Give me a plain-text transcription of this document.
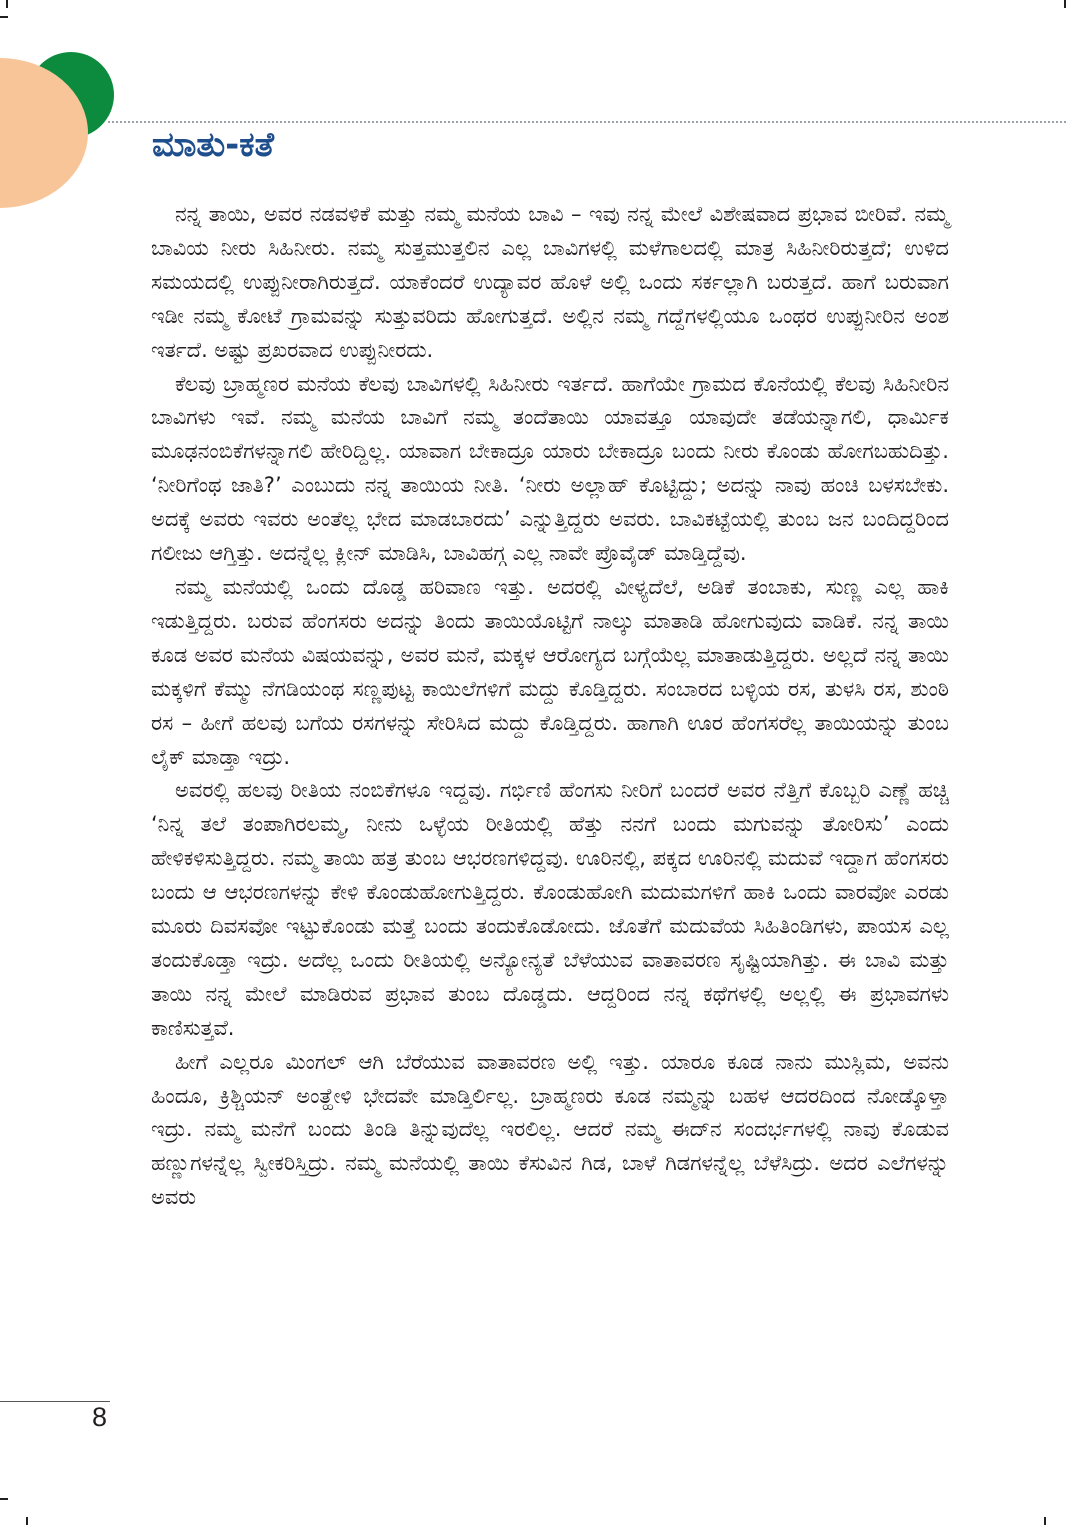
ಮಾತು-ಕತೆ

ನನ್ನ ತಾಯಿ, ಅವರ ನಡವಳಿಕೆ ಮತ್ತು ನಮ್ಮ ಮನೆಯ ಬಾವಿ – ಇವು ನನ್ನ ಮೇಲೆ ವಿಶೇಷವಾದ ಪ್ರಭಾವ ಬೀರಿವೆ. ನಮ್ಮ ಬಾವಿಯ ನೀರು ಸಿಹಿನೀರು. ನಮ್ಮ ಸುತ್ತಮುತ್ತಲಿನ ಎಲ್ಲ ಬಾವಿಗಳಲ್ಲಿ ಮಳೆಗಾಲದಲ್ಲಿ ಮಾತ್ರ ಸಿಹಿನೀರಿರುತ್ತದೆ; ಉಳಿದ ಸಮಯದಲ್ಲಿ ಉಪ್ಪುನೀರಾಗಿರುತ್ತದೆ. ಯಾಕೆಂದರೆ ಉದ್ಯಾವರ ಹೊಳೆ ಅಲ್ಲಿ ಒಂದು ಸರ್ಕಲ್ಲಾಗಿ ಬರುತ್ತದೆ. ಹಾಗೆ ಬರುವಾಗ ಇಡೀ ನಮ್ಮ ಕೋಟೆ ಗ್ರಾಮವನ್ನು ಸುತ್ತುವರಿದು ಹೋಗುತ್ತದೆ. ಅಲ್ಲಿನ ನಮ್ಮ ಗದ್ದೆಗಳಲ್ಲಿಯೂ ಒಂಥರ ಉಪ್ಪುನೀರಿನ ಅಂಶ ಇರ್ತದೆ. ಅಷ್ಟು ಪ್ರಖರವಾದ ಉಪ್ಪುನೀರದು.

ಕೆಲವು ಬ್ರಾಹ್ಮಣರ ಮನೆಯ ಕೆಲವು ಬಾವಿಗಳಲ್ಲಿ ಸಿಹಿನೀರು ಇರ್ತದೆ. ಹಾಗೆಯೇ ಗ್ರಾಮದ ಕೊನೆಯಲ್ಲಿ ಕೆಲವು ಸಿಹಿನೀರಿನ ಬಾವಿಗಳು ಇವೆ. ನಮ್ಮ ಮನೆಯ ಬಾವಿಗೆ ನಮ್ಮ ತಂದೆತಾಯಿ ಯಾವತ್ತೂ ಯಾವುದೇ ತಡೆಯನ್ನಾಗಲಿ, ಧಾರ್ಮಿಕ ಮೂಢನಂಬಿಕೆಗಳನ್ನಾಗಲಿ ಹೇರಿದ್ದಿಲ್ಲ. ಯಾವಾಗ ಬೇಕಾದ್ರೂ ಯಾರು ಬೇಕಾದ್ರೂ ಬಂದು ನೀರು ಕೊಂಡು ಹೋಗಬಹುದಿತ್ತು. ‘ನೀರಿಗೆಂಥ ಜಾತಿ?’ ಎಂಬುದು ನನ್ನ ತಾಯಿಯ ನೀತಿ. ‘ನೀರು ಅಲ್ಲಾಹ್ ಕೊಟ್ಟಿದ್ದು; ಅದನ್ನು ನಾವು ಹಂಚಿ ಬಳಸಬೇಕು. ಅದಕ್ಕೆ ಅವರು ಇವರು ಅಂತೆಲ್ಲ ಭೇದ ಮಾಡಬಾರದು’ ಎನ್ನುತ್ತಿದ್ದರು ಅವರು. ಬಾವಿಕಟ್ಟೆಯಲ್ಲಿ ತುಂಬ ಜನ ಬಂದಿದ್ದರಿಂದ ಗಲೀಜು ಆಗ್ತಿತ್ತು. ಅದನ್ನೆಲ್ಲ ಕ್ಲೀನ್ ಮಾಡಿಸಿ, ಬಾವಿಹಗ್ಗ ಎಲ್ಲ ನಾವೇ ಪ್ರೊವೈಡ್ ಮಾಡ್ತಿದ್ದೆವು.

ನಮ್ಮ ಮನೆಯಲ್ಲಿ ಒಂದು ದೊಡ್ಡ ಹರಿವಾಣ ಇತ್ತು. ಅದರಲ್ಲಿ ವೀಳ್ಯದೆಲೆ, ಅಡಿಕೆ ತಂಬಾಕು, ಸುಣ್ಣ ಎಲ್ಲ ಹಾಕಿ ಇಡುತ್ತಿದ್ದರು. ಬರುವ ಹೆಂಗಸರು ಅದನ್ನು ತಿಂದು ತಾಯಿಯೊಟ್ಟಿಗೆ ನಾಲ್ಕು ಮಾತಾಡಿ ಹೋಗುವುದು ವಾಡಿಕೆ. ನನ್ನ ತಾಯಿ ಕೂಡ ಅವರ ಮನೆಯ ವಿಷಯವನ್ನು, ಅವರ ಮನೆ, ಮಕ್ಕಳ ಆರೋಗ್ಯದ ಬಗ್ಗೆಯೆಲ್ಲ ಮಾತಾಡುತ್ತಿದ್ದರು. ಅಲ್ಲದೆ ನನ್ನ ತಾಯಿ ಮಕ್ಕಳಿಗೆ ಕೆಮ್ಮು ನೆಗಡಿಯಂಥ ಸಣ್ಣಪುಟ್ಟ ಕಾಯಿಲೆಗಳಿಗೆ ಮದ್ದು ಕೊಡ್ತಿದ್ದರು. ಸಂಬಾರದ ಬಳ್ಳಿಯ ರಸ, ತುಳಸಿ ರಸ, ಶುಂಠಿ ರಸ – ಹೀಗೆ ಹಲವು ಬಗೆಯ ರಸಗಳನ್ನು ಸೇರಿಸಿದ ಮದ್ದು ಕೊಡ್ತಿದ್ದರು. ಹಾಗಾಗಿ ಊರ ಹೆಂಗಸರೆಲ್ಲ ತಾಯಿಯನ್ನು ತುಂಬ ಲೈಕ್ ಮಾಡ್ತಾ ಇದ್ರು.

ಅವರಲ್ಲಿ ಹಲವು ರೀತಿಯ ನಂಬಿಕೆಗಳೂ ಇದ್ದವು. ಗರ್ಭಿಣಿ ಹೆಂಗಸು ನೀರಿಗೆ ಬಂದರೆ ಅವರ ನೆತ್ತಿಗೆ ಕೊಬ್ಬರಿ ಎಣ್ಣೆ ಹಚ್ಚಿ ‘ನಿನ್ನ ತಲೆ ತಂಪಾಗಿರಲಮ್ಮ, ನೀನು ಒಳ್ಳೆಯ ರೀತಿಯಲ್ಲಿ ಹೆತ್ತು ನನಗೆ ಬಂದು ಮಗುವನ್ನು ತೋರಿಸು’ ಎಂದು ಹೇಳಿಕಳಿಸುತ್ತಿದ್ದರು. ನಮ್ಮ ತಾಯಿ ಹತ್ರ ತುಂಬ ಆಭರಣಗಳಿದ್ದವು. ಊರಿನಲ್ಲಿ, ಪಕ್ಕದ ಊರಿನಲ್ಲಿ ಮದುವೆ ಇದ್ದಾಗ ಹೆಂಗಸರು ಬಂದು ಆ ಆಭರಣಗಳನ್ನು ಕೇಳಿ ಕೊಂಡುಹೋಗುತ್ತಿದ್ದರು. ಕೊಂಡುಹೋಗಿ ಮದುಮಗಳಿಗೆ ಹಾಕಿ ಒಂದು ವಾರವೋ ಎರಡು ಮೂರು ದಿವಸವೋ ಇಟ್ಟುಕೊಂಡು ಮತ್ತೆ ಬಂದು ತಂದುಕೊಡೋದು. ಜೊತೆಗೆ ಮದುವೆಯ ಸಿಹಿತಿಂಡಿಗಳು, ಪಾಯಸ ಎಲ್ಲ ತಂದುಕೊಡ್ತಾ ಇದ್ರು. ಅದೆಲ್ಲ ಒಂದು ರೀತಿಯಲ್ಲಿ ಅನ್ಯೋನ್ಯತೆ ಬೆಳೆಯುವ ವಾತಾವರಣ ಸೃಷ್ಟಿಯಾಗಿತ್ತು. ಈ ಬಾವಿ ಮತ್ತು ತಾಯಿ ನನ್ನ ಮೇಲೆ ಮಾಡಿರುವ ಪ್ರಭಾವ ತುಂಬ ದೊಡ್ಡದು. ಆದ್ದರಿಂದ ನನ್ನ ಕಥೆಗಳಲ್ಲಿ ಅಲ್ಲಲ್ಲಿ ಈ ಪ್ರಭಾವಗಳು ಕಾಣಿಸುತ್ತವೆ.

ಹೀಗೆ ಎಲ್ಲರೂ ಮಿಂಗಲ್ ಆಗಿ ಬೆರೆಯುವ ವಾತಾವರಣ ಅಲ್ಲಿ ಇತ್ತು. ಯಾರೂ ಕೂಡ ನಾನು ಮುಸ್ಲಿಮ, ಅವನು ಹಿಂದೂ, ಕ್ರಿಶ್ಚಿಯನ್ ಅಂತ್ಹೇಳಿ ಭೇದವೇ ಮಾಡ್ತಿರ್ಲಿಲ್ಲ. ಬ್ರಾಹ್ಮಣರು ಕೂಡ ನಮ್ಮನ್ನು ಬಹಳ ಆದರದಿಂದ ನೋಡ್ಕೊಳ್ತಾ ಇದ್ರು. ನಮ್ಮ ಮನೆಗೆ ಬಂದು ತಿಂಡಿ ತಿನ್ನುವುದೆಲ್ಲ ಇರಲಿಲ್ಲ. ಆದರೆ ನಮ್ಮ ಈದ್‌ನ ಸಂದರ್ಭಗಳಲ್ಲಿ ನಾವು ಕೊಡುವ ಹಣ್ಣುಗಳನ್ನೆಲ್ಲ ಸ್ವೀಕರಿಸ್ತಿದ್ರು. ನಮ್ಮ ಮನೆಯಲ್ಲಿ ತಾಯಿ ಕೆಸುವಿನ ಗಿಡ, ಬಾಳೆ ಗಿಡಗಳನ್ನೆಲ್ಲ ಬೆಳೆಸಿದ್ರು. ಅದರ ಎಲೆಗಳನ್ನು ಅವರು

8
